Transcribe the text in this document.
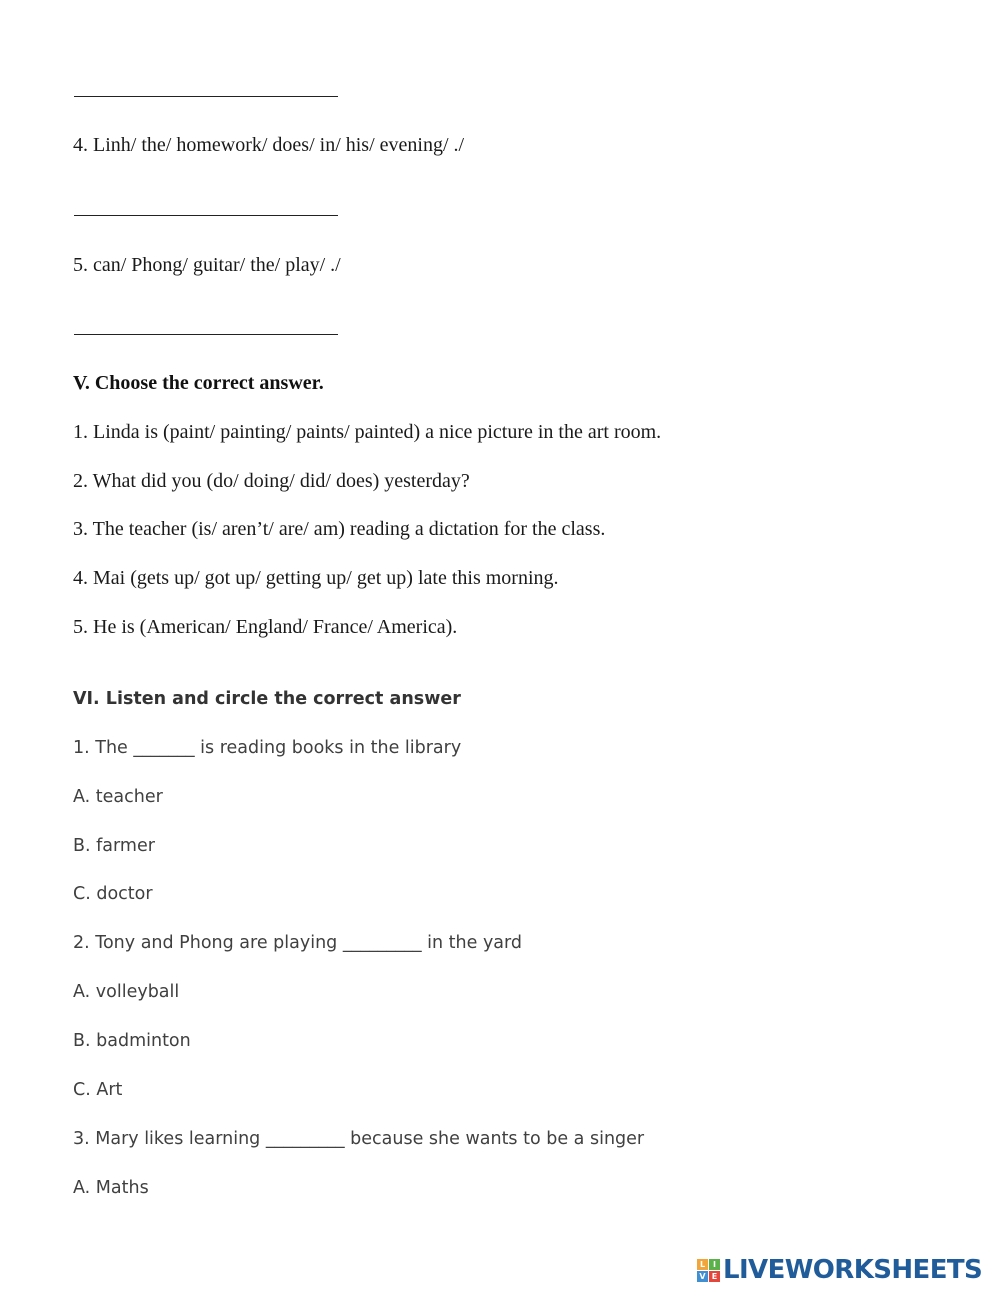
4. Linh/ the/ homework/ does/ in/ his/ evening/ ./
5. can/ Phong/ guitar/ the/ play/ ./
V. Choose the correct answer.
1. Linda is (paint/ painting/ paints/ painted) a nice picture in the art room.
2. What did you (do/ doing/ did/ does) yesterday?
3. The teacher (is/ aren’t/ are/ am) reading a dictation for the class.
4. Mai (gets up/ got up/ getting up/ get up) late this morning.
5. He is (American/ England/ France/ America).
VI. Listen and circle the correct answer
1. The _______ is reading books in the library
A. teacher
B. farmer
C. doctor
2. Tony and Phong are playing _________ in the yard
A. volleyball
B. badminton
C. Art
3. Mary likes learning _________ because she wants to be a singer
A. Maths
L I
V E LIVEWORKSHEETS
